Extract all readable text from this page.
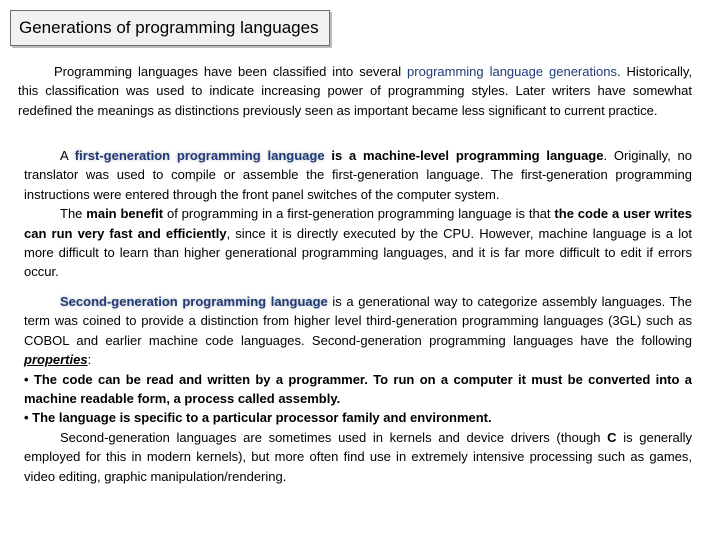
Generations of programming languages

Programming languages have been classified into several programming language generations. Historically, this classification was used to indicate increasing power of programming styles. Later writers have somewhat redefined the meanings as distinctions previously seen as important became less significant to current practice.

A first-generation programming language is a machine-level programming language. Originally, no translator was used to compile or assemble the first-generation language. The first-generation programming instructions were entered through the front panel switches of the computer system.

The main benefit of programming in a first-generation programming language is that the code a user writes can run very fast and efficiently, since it is directly executed by the CPU. However, machine language is a lot more difficult to learn than higher generational programming languages, and it is far more difficult to edit if errors occur.

Second-generation programming language is a generational way to categorize assembly languages. The term was coined to provide a distinction from higher level third-generation programming languages (3GL) such as COBOL and earlier machine code languages. Second-generation programming languages have the following properties:

• The code can be read and written by a programmer. To run on a computer it must be converted into a machine readable form, a process called assembly.

• The language is specific to a particular processor family and environment.

Second-generation languages are sometimes used in kernels and device drivers (though C is generally employed for this in modern kernels), but more often find use in extremely intensive processing such as games, video editing, graphic manipulation/rendering.
